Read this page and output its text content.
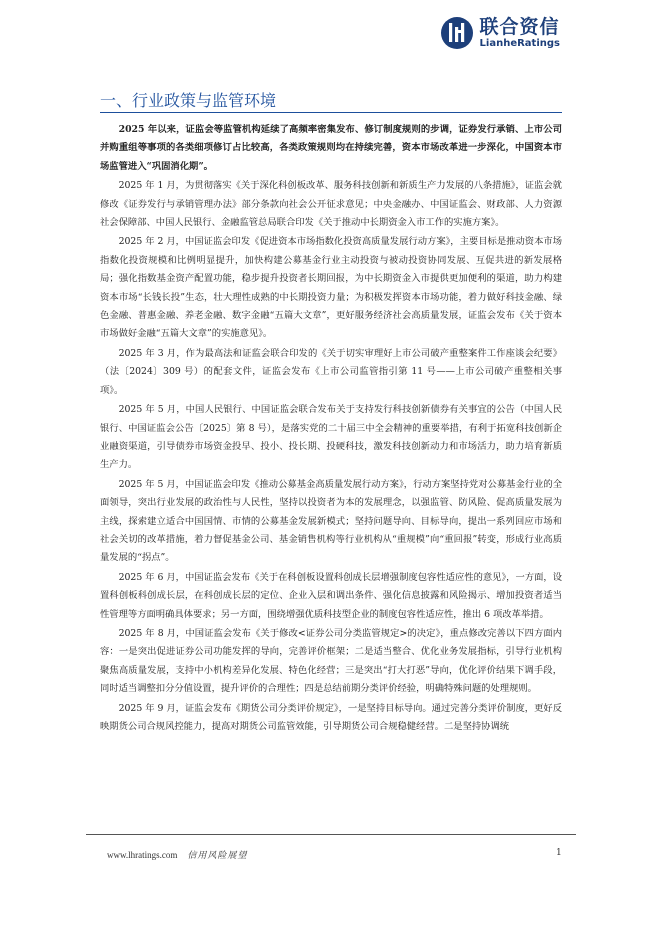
联合资信
LianheRatings
一、行业政策与监管环境

2025 年以来，证监会等监管机构延续了高频率密集发布、修订制度规则的步调，证券发行承销、上市公司并购重组等事项的各类细项修订占比较高，各类政策规则均在持续完善，资本市场改革进一步深化，中国资本市场监管进入“巩固消化期”。

2025 年 1 月，为贯彻落实《关于深化科创板改革、服务科技创新和新质生产力发展的八条措施》，证监会就修改《证券发行与承销管理办法》部分条款向社会公开征求意见；中央金融办、中国证监会、财政部、人力资源社会保障部、中国人民银行、金融监管总局联合印发《关于推动中长期资金入市工作的实施方案》。

2025 年 2 月，中国证监会印发《促进资本市场指数化投资高质量发展行动方案》，主要目标是推动资本市场指数化投资规模和比例明显提升，加快构建公募基金行业主动投资与被动投资协同发展、互促共进的新发展格局；强化指数基金资产配置功能，稳步提升投资者长期回报，为中长期资金入市提供更加便利的渠道，助力构建资本市场“长钱长投”生态，壮大理性成熟的中长期投资力量；为积极发挥资本市场功能，着力做好科技金融、绿色金融、普惠金融、养老金融、数字金融“五篇大文章”，更好服务经济社会高质量发展，证监会发布《关于资本市场做好金融“五篇大文章”的实施意见》。

2025 年 3 月，作为最高法和证监会联合印发的《关于切实审理好上市公司破产重整案件工作座谈会纪要》（法〔2024〕309 号）的配套文件，证监会发布《上市公司监管指引第 11 号——上市公司破产重整相关事项》。

2025 年 5 月，中国人民银行、中国证监会联合发布关于支持发行科技创新债券有关事宜的公告（中国人民银行、中国证监会公告〔2025〕第 8 号），是落实党的二十届三中全会精神的重要举措，有利于拓宽科技创新企业融资渠道，引导债券市场资金投早、投小、投长期、投硬科技，激发科技创新动力和市场活力，助力培育新质生产力。

2025 年 5 月，中国证监会印发《推动公募基金高质量发展行动方案》，行动方案坚持党对公募基金行业的全面领导，突出行业发展的政治性与人民性，坚持以投资者为本的发展理念，以强监管、防风险、促高质量发展为主线，探索建立适合中国国情、市情的公募基金发展新模式；坚持问题导向、目标导向，提出一系列回应市场和社会关切的改革措施，着力督促基金公司、基金销售机构等行业机构从“重规模”向“重回报”转变，形成行业高质量发展的“拐点”。

2025 年 6 月，中国证监会发布《关于在科创板设置科创成长层增强制度包容性适应性的意见》，一方面，设置科创板科创成长层，在科创成长层的定位、企业入层和调出条件、强化信息披露和风险揭示、增加投资者适当性管理等方面明确具体要求；另一方面，围绕增强优质科技型企业的制度包容性适应性，推出 6 项改革举措。

2025 年 8 月，中国证监会发布《关于修改<证券公司分类监管规定>的决定》，重点修改完善以下四方面内容：一是突出促进证券公司功能发挥的导向，完善评价框架；二是适当整合、优化业务发展指标，引导行业机构聚焦高质量发展，支持中小机构差异化发展、特色化经营；三是突出“打大打恶”导向，优化评价结果下调手段，同时适当调整扣分分值设置，提升评价的合理性；四是总结前期分类评价经验，明确特殊问题的处理规则。

2025 年 9 月，证监会发布《期货公司分类评价规定》，一是坚持目标导向。通过完善分类评价制度，更好反映期货公司合规风控能力，提高对期货公司监管效能，引导期货公司合规稳健经营。二是坚持协调统

www.lhratings.com 信用风险展望	1
